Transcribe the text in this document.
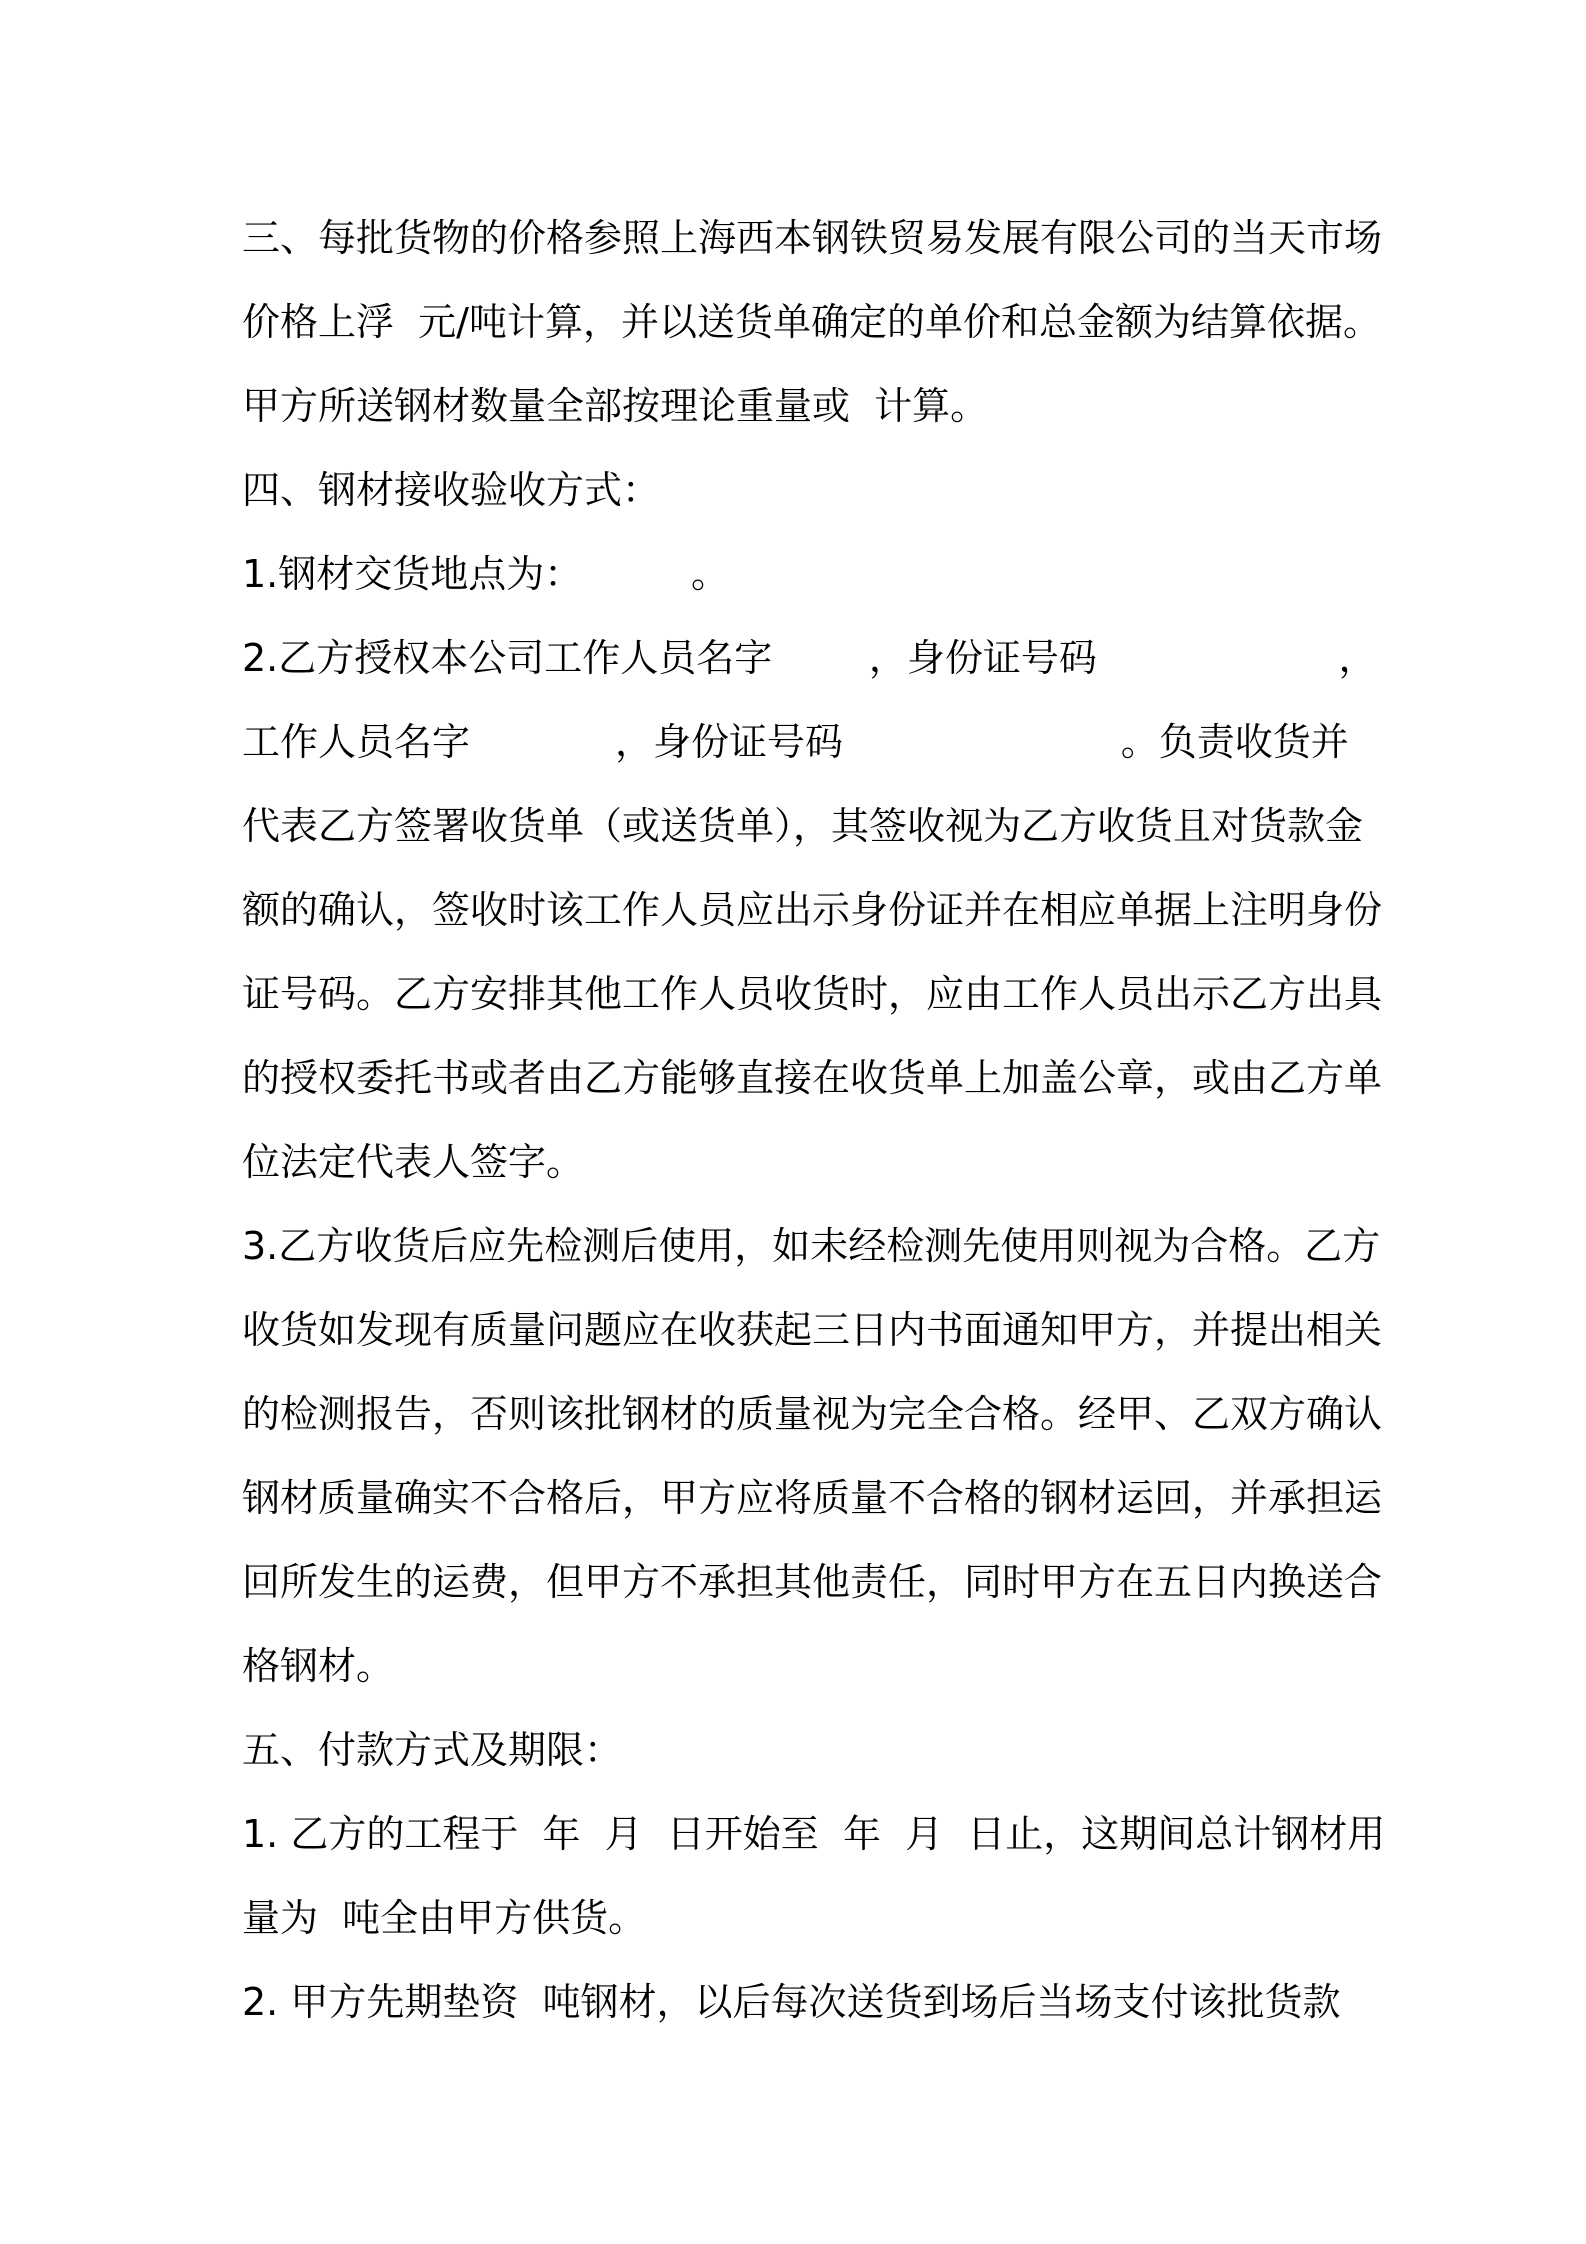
三、每批货物的价格参照上海西本钢铁贸易发展有限公司的当天市场
价格上浮  元/吨计算，并以送货单确定的单价和总金额为结算依据。
甲方所送钢材数量全部按理论重量或  计算。
四、钢材接收验收方式：
1.钢材交货地点为：         。
2.乙方授权本公司工作人员名字        ，身份证号码                    ，
工作人员名字            ，身份证号码                       。负责收货并
代表乙方签署收货单（或送货单），其签收视为乙方收货且对货款金
额的确认，签收时该工作人员应出示身份证并在相应单据上注明身份
证号码。乙方安排其他工作人员收货时，应由工作人员出示乙方出具
的授权委托书或者由乙方能够直接在收货单上加盖公章，或由乙方单
位法定代表人签字。
3.乙方收货后应先检测后使用，如未经检测先使用则视为合格。乙方
收货如发现有质量问题应在收获起三日内书面通知甲方，并提出相关
的检测报告，否则该批钢材的质量视为完全合格。经甲、乙双方确认
钢材质量确实不合格后，甲方应将质量不合格的钢材运回，并承担运
回所发生的运费，但甲方不承担其他责任，同时甲方在五日内换送合
格钢材。
五、付款方式及期限：
1. 乙方的工程于  年  月  日开始至  年  月  日止，这期间总计钢材用
量为  吨全由甲方供货。
2. 甲方先期垫资  吨钢材，以后每次送货到场后当场支付该批货款
